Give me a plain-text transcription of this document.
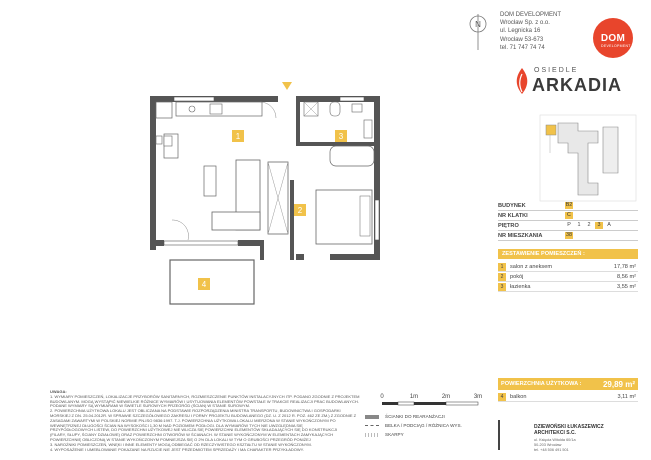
N
DOM DEVELOPMENT
Wrocław Sp. z o.o.
ul. Legnicka 16
Wrocław 53-673
tel. 71 747 74 74
DOM
DEVELOPMENT
OSIEDLE
ARKADIA
BUDYNEK	B2
NR KLATKI	C
PIĘTRO	P	1	2	3	A
NR MIESZKANIA	38
ZESTAWIENIE POMIESZCZEŃ :
1	salon z aneksem	17,78 m²
2	pokój	8,56 m²
3	łazienka	3,55 m²
POWIERZCHNIA UŻYTKOWA :	29,89 m²
4	balkon	3,11 m²
1	3
2
4
UWAGA:
1. WYMIARY POMIESZCZEŃ, LOKALIZACJE PRZYBORÓW SANITARNYCH, ROZMIESZCZENIE PUNKTÓW INSTALACYJNYCH ITP. PODANO ZGODNIE Z PROJEKTEM
BUDOWLANYM. MOGĄ WYSTĄPIĆ NIEWIELKIE RÓŻNICE WYMIARÓW I USYTUOWANIA ELEMENTÓW POWSTAŁE W TRAKCIE REALIZACJI PRAC BUDOWLANYCH.
PODANE WYMIARY SĄ WYMIARAMI W ŚWIETLE SUROWYCH PRZEGRÓD (ŚCIAN) W STANIE SUROWYM.
2. POWIERZCHNIA UŻYTKOWA LOKALU JEST OBLICZANA NA PODSTAWIE ROZPORZĄDZENIA MINISTRA TRANSPORTU, BUDOWNICTWA I GOSPODARKI
MORSKIEJ Z DN. 25.04.2012R. W SPRAWIE SZCZEGÓŁOWEGO ZAKRESU I FORMY PROJEKTU BUDOWLANEGO (DZ. U. Z 2012 R. POZ. 462 ZE ZM.) Z ZGODNIE Z
ZASADAMI ZAWARTYMI W POLSKIEJ NORMIE PN-ISO 9836:1997. T.J. POWIERZCHNIA UŻYTKOWA LOKALU MIERZONA W STANIE WYKOŃCZONYM PO
WEWNĘTRZNEJ DŁUGOŚCI ŚCIAN NA WYSOKOŚCI 1,30 M NAD POZIOMEM PODŁOGI. DLA WYMIARÓW TYCH NIE UWZGLĘDNIA SIĘ
PRZYPODŁOGOWYCH LISTEW, DO POWIERZCHNI UŻYTKOWEJ NIE WLICZA SIĘ POWIERZCHNI ELEMENTÓW SKŁADAJĄCYCH SIĘ DO KONSTRUKCJI
(FILARY, SŁUPY, ŚCIANY DZIAŁOWE) ORAZ POWIERZCHNI OTWORÓW W ŚCIANACH. W STANIE WYKOŃCZONYM W ELEMENTACH ZAMYKAJĄCYCH
POWIERZCHNIĘ OBLICZONĄ W STANIE WYKOŃCZONYM POMNIEJSZA SIĘ O 2% DLA LOKALI W TYM O GRUBOŚCI PRZEGRÓD PONIŻEJ
3. NAROŻNIKI POMIESZCZEŃ, WNĘKI I INNE ELEMENTY MOGĄ ODBIEGAĆ OD RZECZYWISTEGO KSZTAŁTU W STANIE WYKOŃCZONYM.
4. WYPOSAŻENIE I UMEBLOWANIE POKAZANE NA RZUCIE NIE JEST PRZEDMIOTEM SPRZEDAŻY I MA CHARAKTER PRZYKŁADOWY.
0	1m	2m	3m
ŚCIANKI DO REARANŻACJI
BELKA / PODCIĄG / RÓŻNICA WYS.
SKARPY
DZIEWOŃSKI ŁUKASZEWICZ
ARCHITEKCI S.C.
ul. Księcia Witolda 60/1a
50-203 Wrocław
tel. +48 506 491 501
